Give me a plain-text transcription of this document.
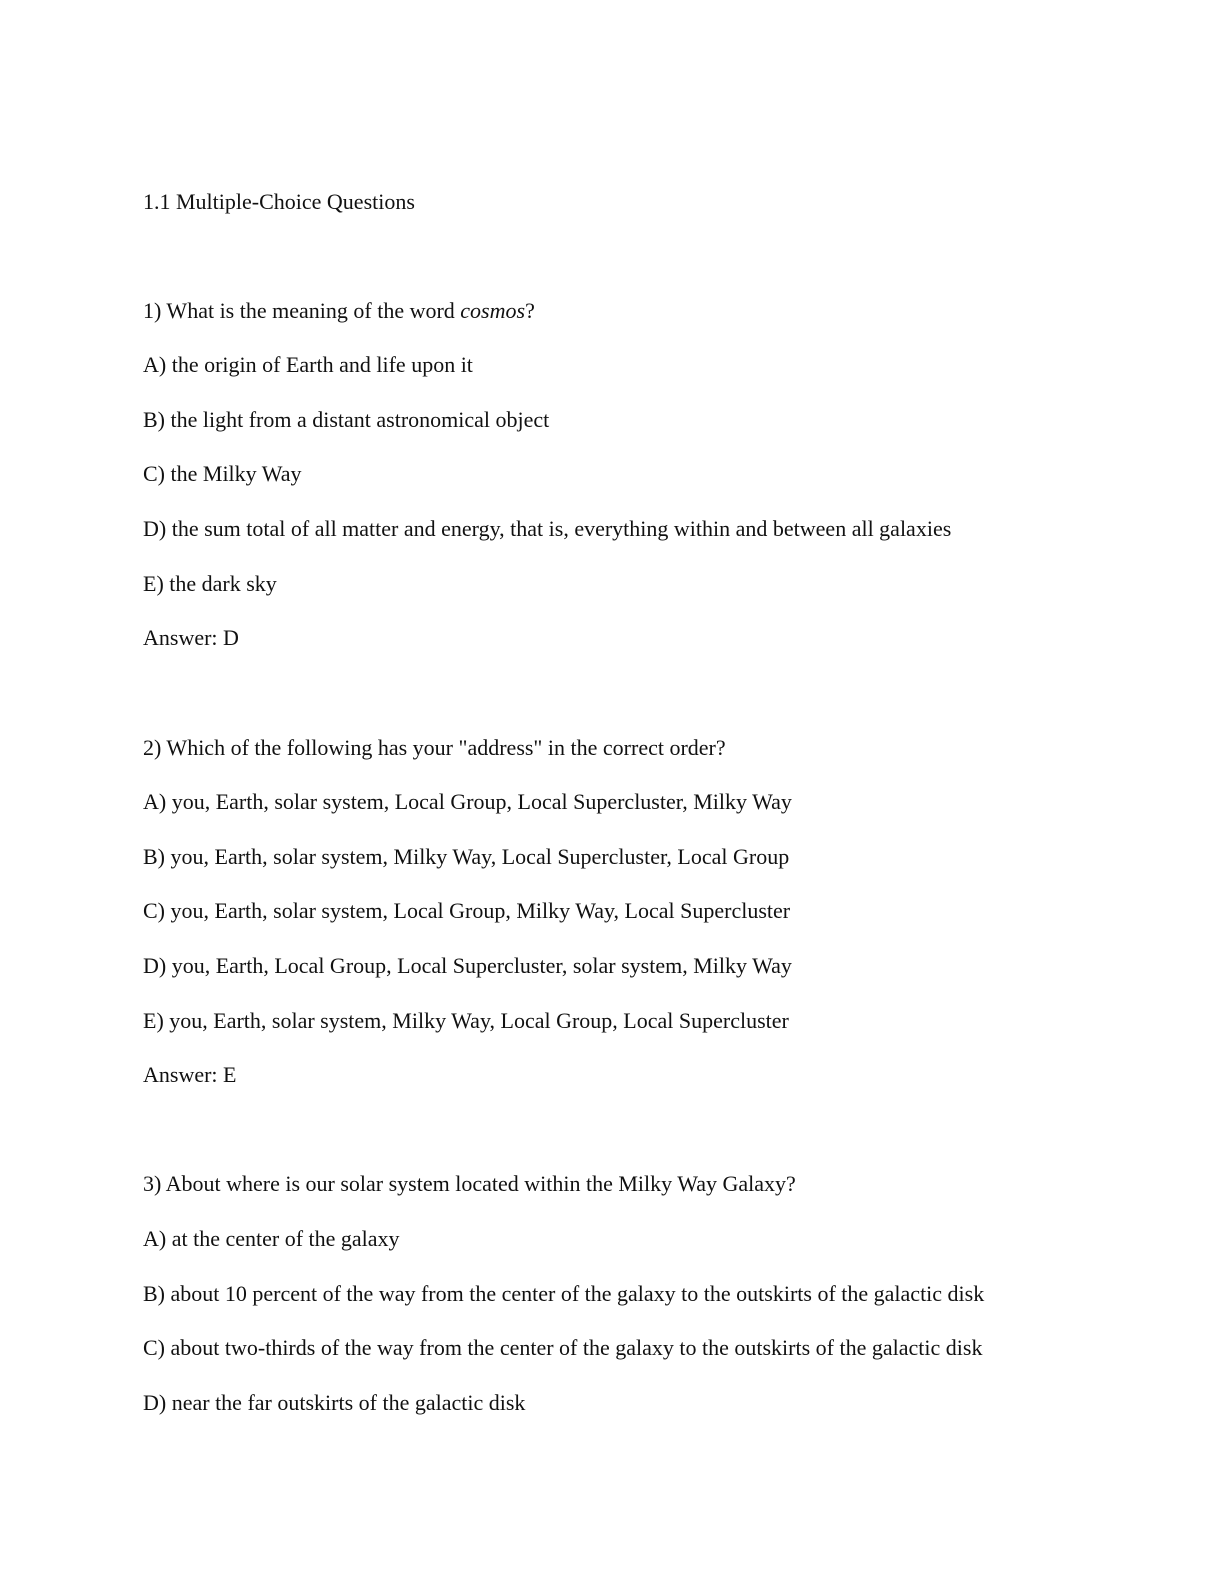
1.1 Multiple-Choice Questions
1) What is the meaning of the word cosmos?
A) the origin of Earth and life upon it
B) the light from a distant astronomical object
C) the Milky Way
D) the sum total of all matter and energy, that is, everything within and between all galaxies
E) the dark sky
Answer: D
2) Which of the following has your "address" in the correct order?
A) you, Earth, solar system, Local Group, Local Supercluster, Milky Way
B) you, Earth, solar system, Milky Way, Local Supercluster, Local Group
C) you, Earth, solar system, Local Group, Milky Way, Local Supercluster
D) you, Earth, Local Group, Local Supercluster, solar system, Milky Way
E) you, Earth, solar system, Milky Way, Local Group, Local Supercluster
Answer: E
3) About where is our solar system located within the Milky Way Galaxy?
A) at the center of the galaxy
B) about 10 percent of the way from the center of the galaxy to the outskirts of the galactic disk
C) about two-thirds of the way from the center of the galaxy to the outskirts of the galactic disk
D) near the far outskirts of the galactic disk
